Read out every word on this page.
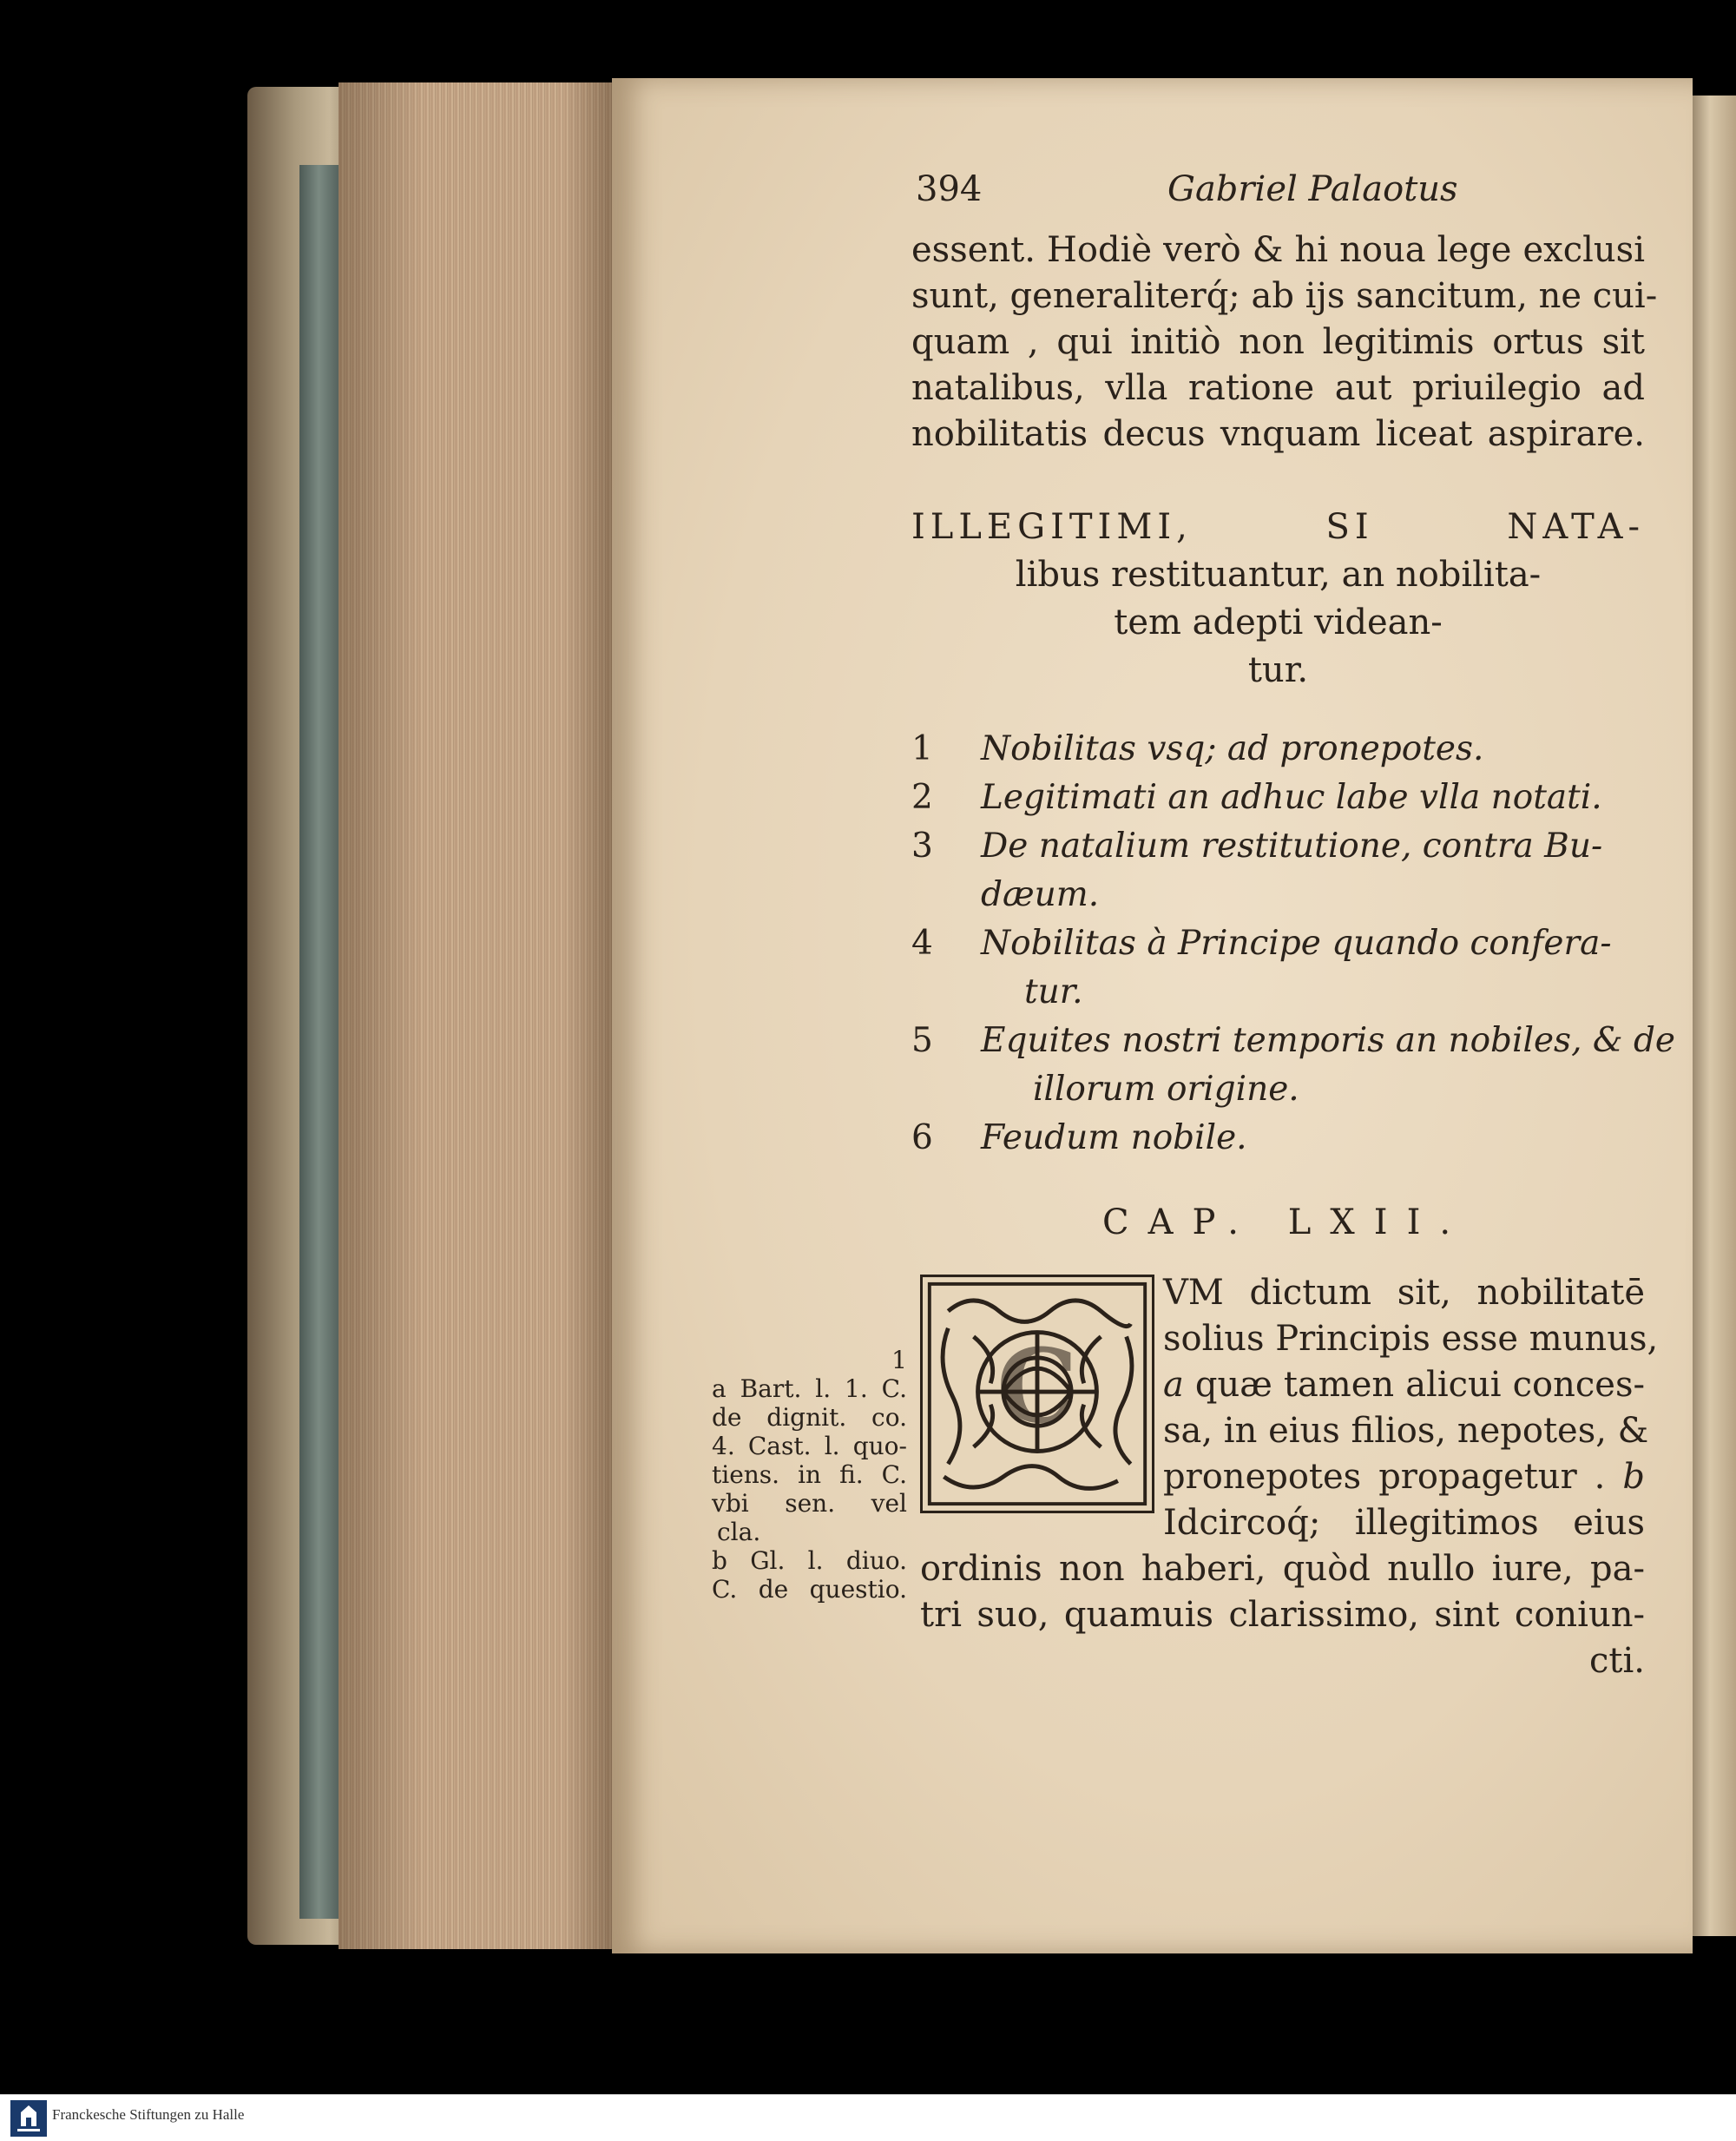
394	Gabriel Palaotus
essent. Hodiè verò & hi noua lege exclusi
sunt, generaliterq́; ab ijs sancitum, ne cui-
quam , qui initiò non legitimis ortus sit
natalibus, vlla ratione aut priuilegio ad
nobilitatis decus vnquam liceat aspirare.
ILLEGITIMI, SI NATA-
libus restituantur, an nobilita-
tem adepti videan-
tur.
1	Nobilitas vsq; ad pronepotes.
2	Legitimati an adhuc labe vlla notati.
3	De natalium restitutione, contra Bu-
dæum.
4	Nobilitas à Principe quando confera-
tur.
5	Equites nostri temporis an nobiles, & de
illorum origine.
6	Feudum nobile.
CAP. LXII.
C
VM dictum sit, nobilitatē
solius Principis esse munus,
a quæ tamen alicui conces-
sa, in eius filios, nepotes, &
pronepotes propagetur . b
Idcircoq́; illegitimos eius
ordinis non haberi, quòd nullo iure, pa-
tri suo, quamuis clarissimo, sint coniun-
cti.
1
a Bart. l. 1. C.
de dignit. co.
4. Cast. l. quo-
tiens. in fi. C.
vbi sen. vel
cla.
b Gl. l. diuo.
C. de questio.
Franckesche Stiftungen zu Halle
